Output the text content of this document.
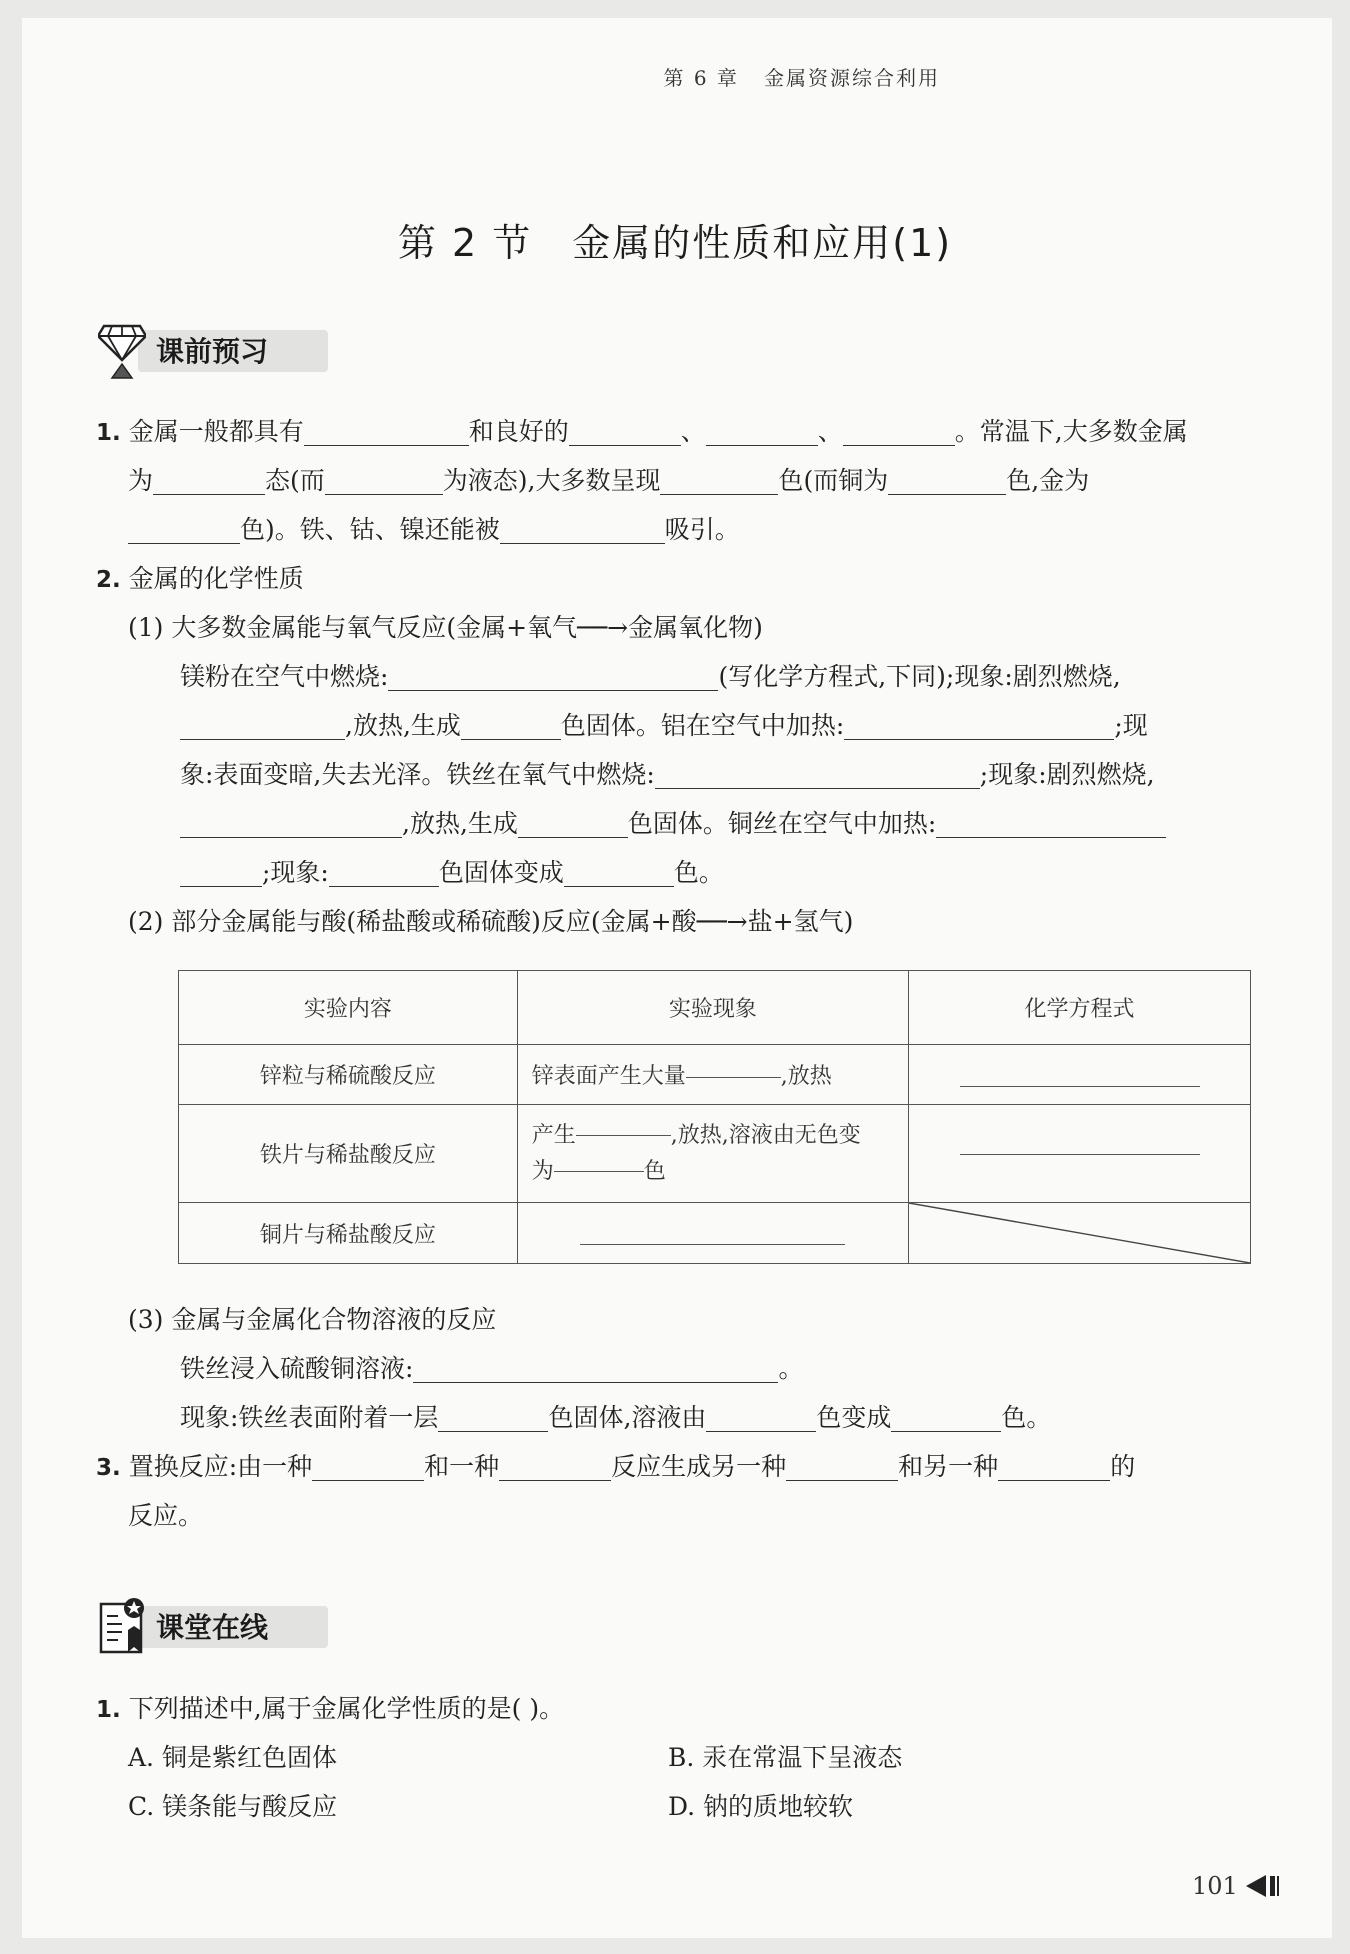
第 6 章 金属资源综合利用
第 2 节 金属的性质和应用(1)
课前预习
1. 金属一般都具有	和良好的	、	、	。常温下,大多数金属
为	态(而	为液态),大多数呈现	色(而铜为	色,金为
色)。铁、钴、镍还能被	吸引。
2. 金属的化学性质
(1) 大多数金属能与氧气反应(金属+氧气──→金属氧化物)
镁粉在空气中燃烧:	(写化学方程式,下同);现象:剧烈燃烧,
,放热,生成	色固体。铝在空气中加热:	;现
象:表面变暗,失去光泽。铁丝在氧气中燃烧:	;现象:剧烈燃烧,
,放热,生成	色固体。铜丝在空气中加热:
;现象:	色固体变成	色。
(2) 部分金属能与酸(稀盐酸或稀硫酸)反应(金属+酸──→盐+氢气)
实验内容	实验现象	化学方程式
锌粒与稀硫酸反应	锌表面产生大量 ,放热	
铁片与稀盐酸反应	产生 ,放热,溶液由无色变
为 色	
铜片与稀盐酸反应		
(3) 金属与金属化合物溶液的反应
铁丝浸入硫酸铜溶液:	。
现象:铁丝表面附着一层	色固体,溶液由	色变成	色。
3. 置换反应:由一种	和一种	反应生成另一种	和另一种	的
反应。
课堂在线
1. 下列描述中,属于金属化学性质的是( )。
A. 铜是紫红色固体	B. 汞在常温下呈液态
C. 镁条能与酸反应	D. 钠的质地较软
101
